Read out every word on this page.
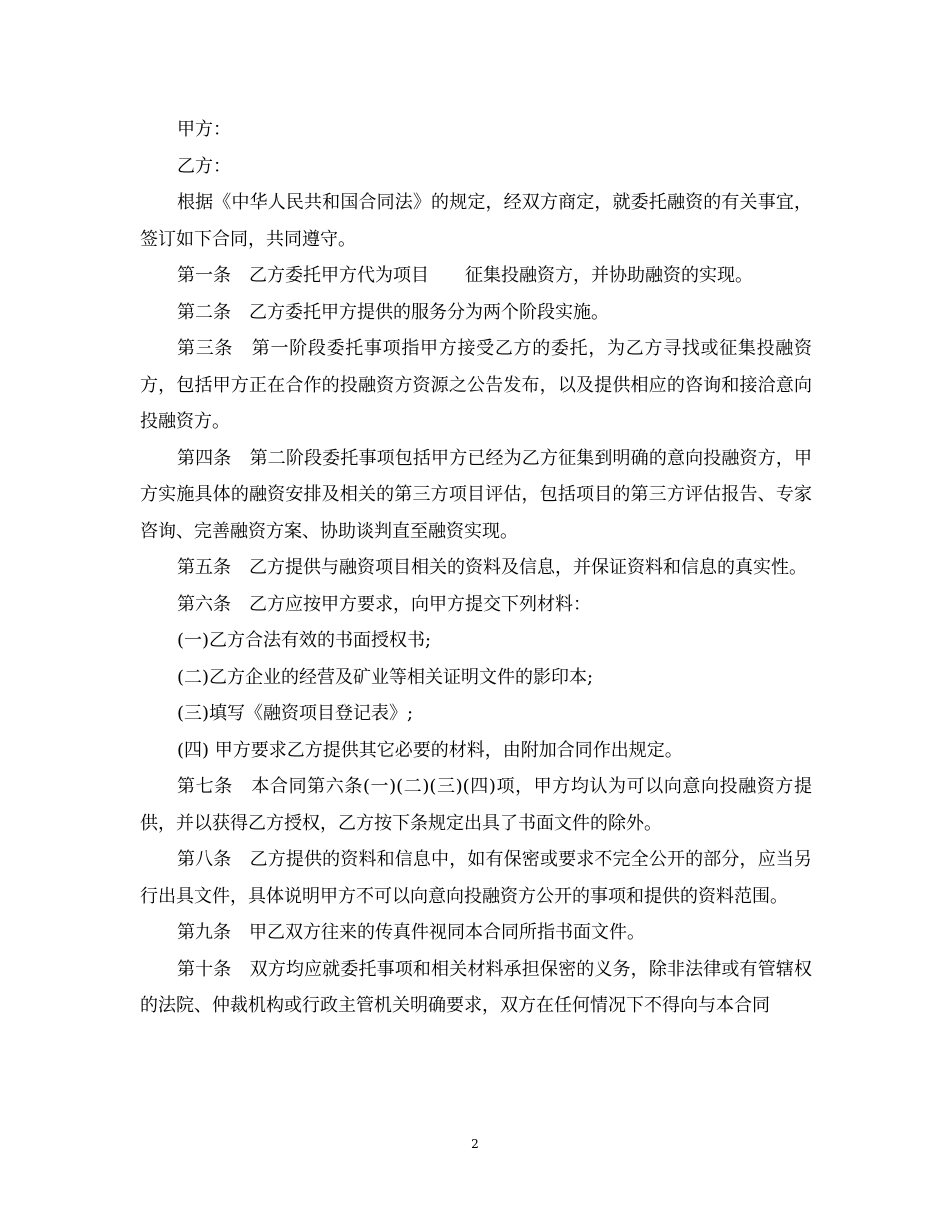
甲方：

乙方：

根据《中华人民共和国合同法》的规定，经双方商定，就委托融资的有关事宜，签订如下合同，共同遵守。

第一条　乙方委托甲方代为项目　　征集投融资方，并协助融资的实现。

第二条　乙方委托甲方提供的服务分为两个阶段实施。

第三条　第一阶段委托事项指甲方接受乙方的委托，为乙方寻找或征集投融资方，包括甲方正在合作的投融资方资源之公告发布，以及提供相应的咨询和接洽意向投融资方。

第四条　第二阶段委托事项包括甲方已经为乙方征集到明确的意向投融资方，甲方实施具体的融资安排及相关的第三方项目评估，包括项目的第三方评估报告、专家咨询、完善融资方案、协助谈判直至融资实现。

第五条　乙方提供与融资项目相关的资料及信息，并保证资料和信息的真实性。

第六条　乙方应按甲方要求，向甲方提交下列材料：

(一)乙方合法有效的书面授权书;

(二)乙方企业的经营及矿业等相关证明文件的影印本;

(三)填写《融资项目登记表》;

(四) 甲方要求乙方提供其它必要的材料，由附加合同作出规定。

第七条　本合同第六条(一)(二)(三)(四)项，甲方均认为可以向意向投融资方提供，并以获得乙方授权，乙方按下条规定出具了书面文件的除外。

第八条　乙方提供的资料和信息中，如有保密或要求不完全公开的部分，应当另行出具文件，具体说明甲方不可以向意向投融资方公开的事项和提供的资料范围。

第九条　甲乙双方往来的传真件视同本合同所指书面文件。

第十条　双方均应就委托事项和相关材料承担保密的义务，除非法律或有管辖权的法院、仲裁机构或行政主管机关明确要求，双方在任何情况下不得向与本合同

2
